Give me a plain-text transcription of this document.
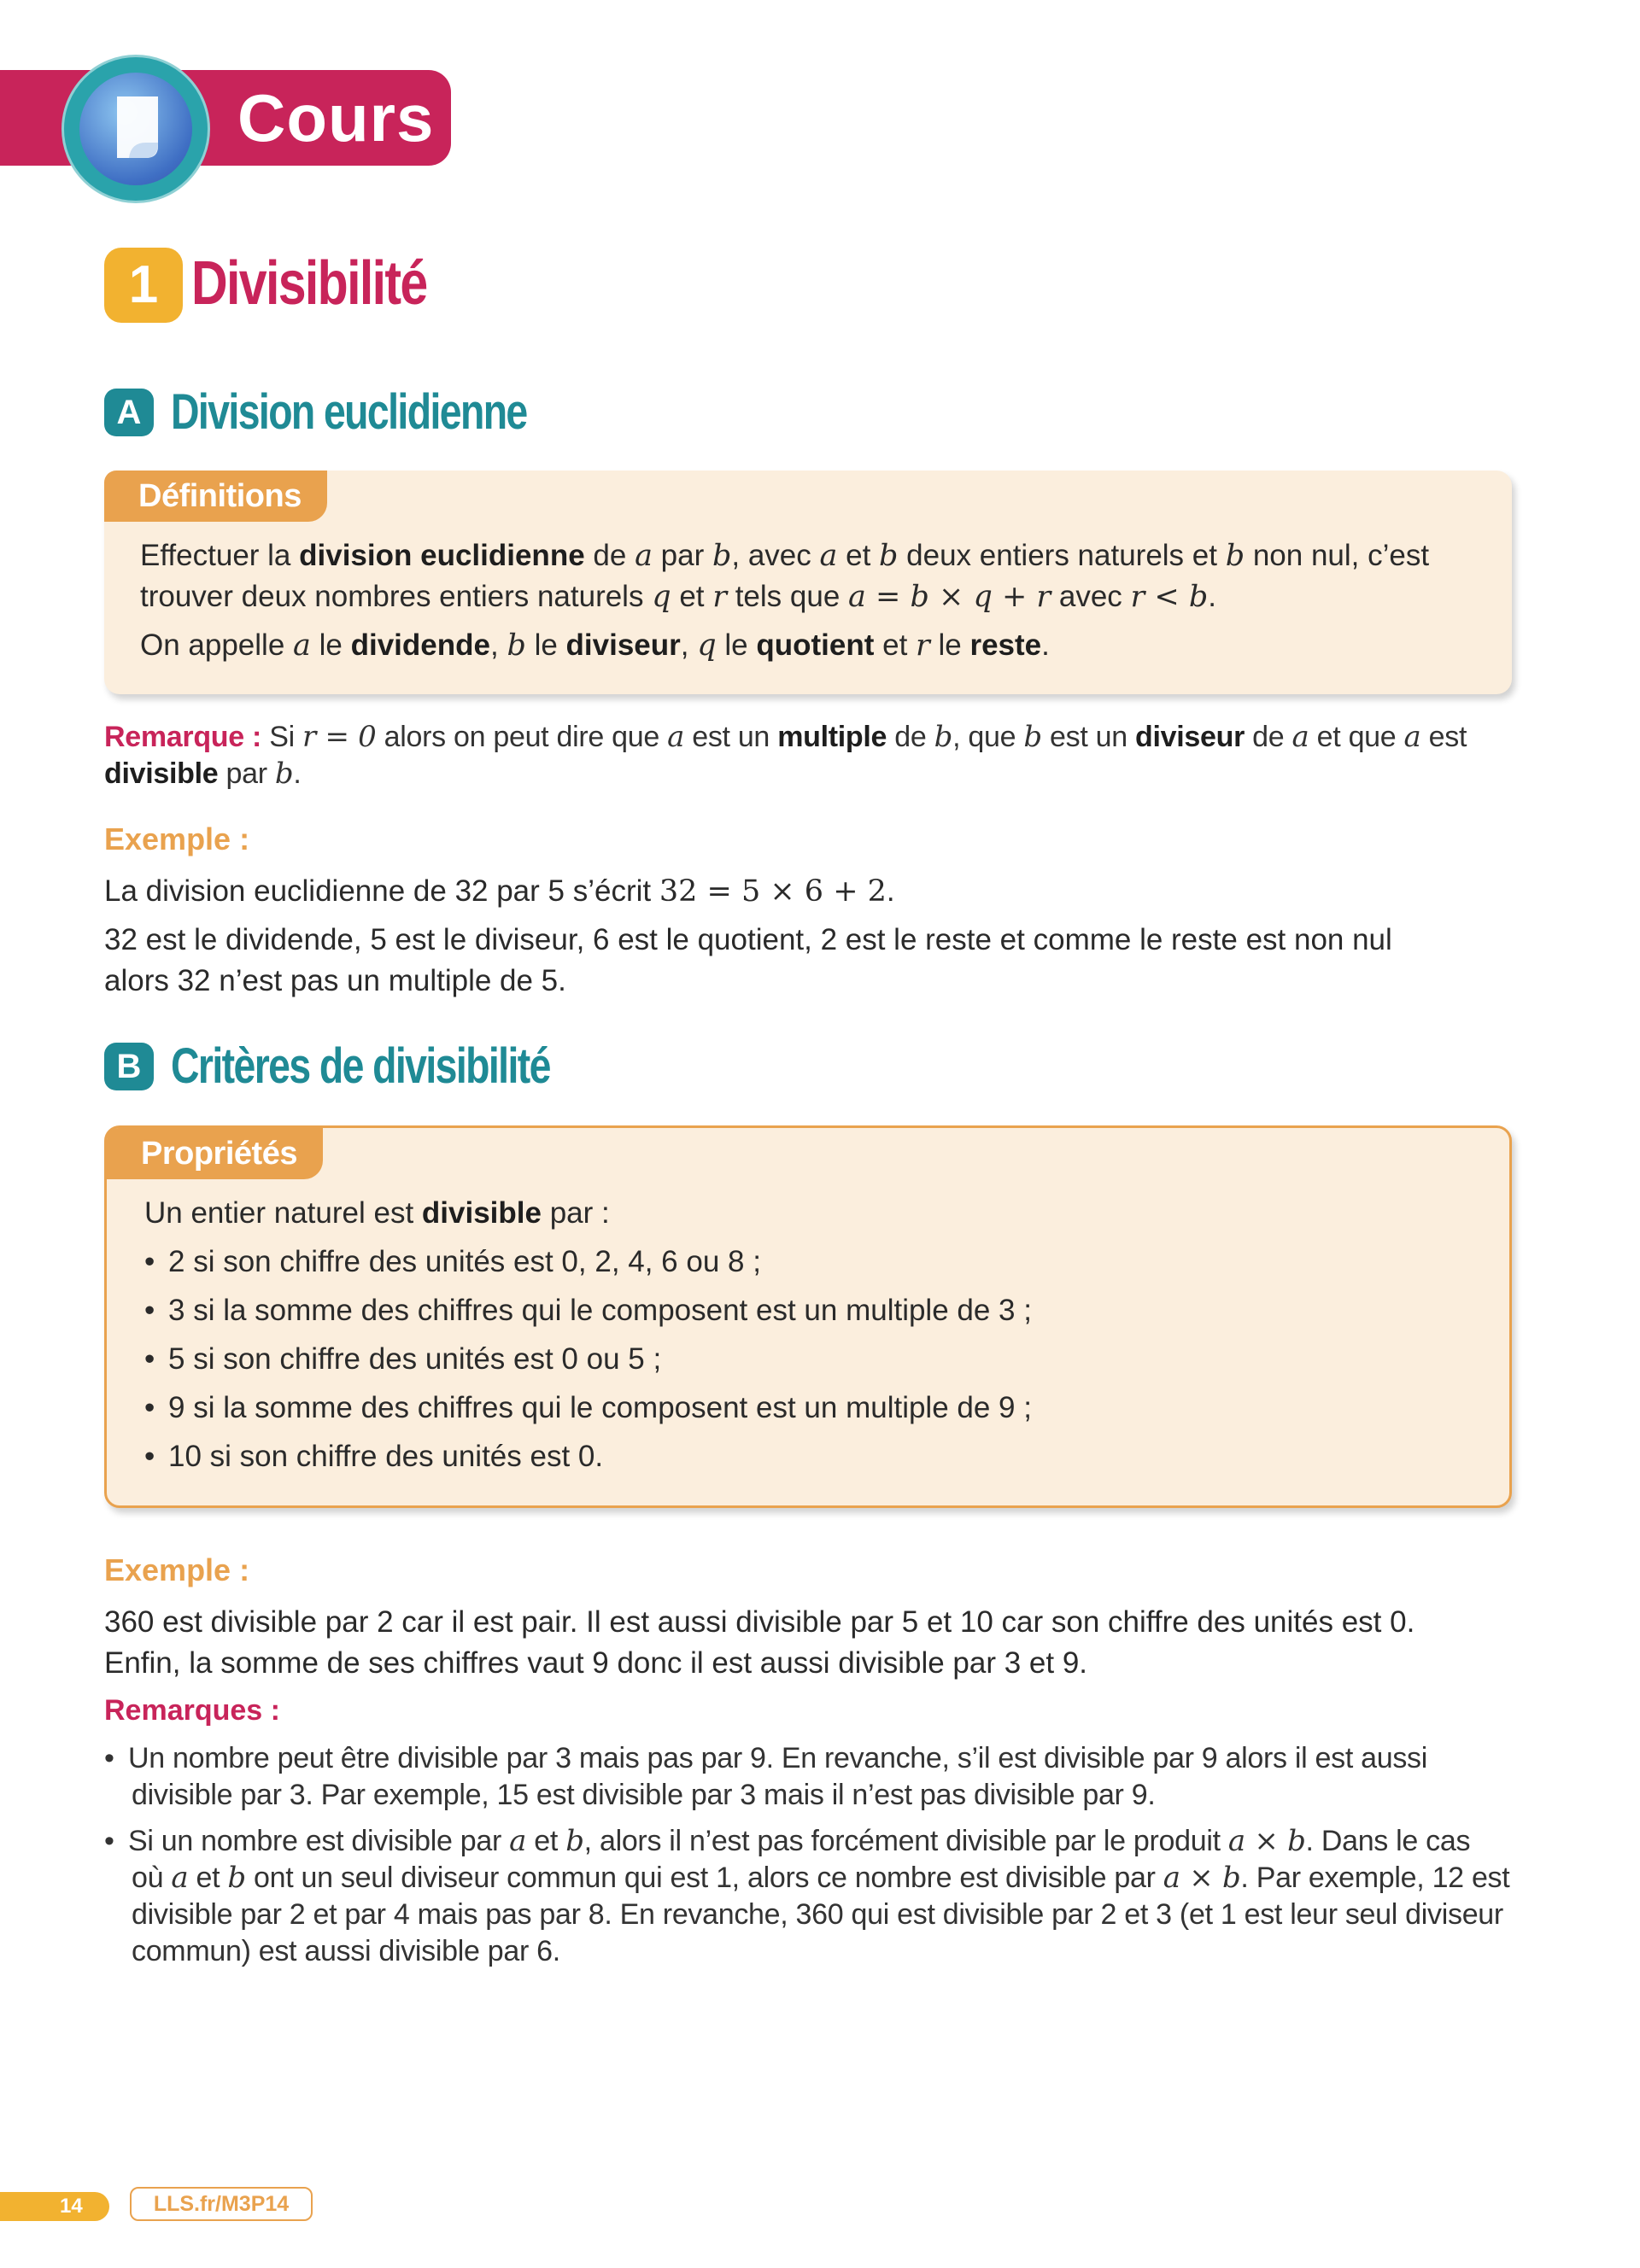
Cours
1 Divisibilité
A Division euclidienne
Définitions
Effectuer la division euclidienne de a par b, avec a et b deux entiers naturels et b non nul, c’est
trouver deux nombres entiers naturels q et r tels que a = b × q + r avec r < b.
On appelle a le dividende, b le diviseur, q le quotient et r le reste.
Remarque : Si r = 0 alors on peut dire que a est un multiple de b, que b est un diviseur de a et que a est
divisible par b.
Exemple :
La division euclidienne de 32 par 5 s’écrit 32 = 5 × 6 + 2.
32 est le dividende, 5 est le diviseur, 6 est le quotient, 2 est le reste et comme le reste est non nul
alors 32 n’est pas un multiple de 5.
B Critères de divisibilité
Propriétés
Un entier naturel est divisible par :
• 2 si son chiffre des unités est 0, 2, 4, 6 ou 8 ;
• 3 si la somme des chiffres qui le composent est un multiple de 3 ;
• 5 si son chiffre des unités est 0 ou 5 ;
• 9 si la somme des chiffres qui le composent est un multiple de 9 ;
• 10 si son chiffre des unités est 0.
Exemple :
360 est divisible par 2 car il est pair. Il est aussi divisible par 5 et 10 car son chiffre des unités est 0.
Enfin, la somme de ses chiffres vaut 9 donc il est aussi divisible par 3 et 9.
Remarques :
• Un nombre peut être divisible par 3 mais pas par 9. En revanche, s’il est divisible par 9 alors il est aussi
divisible par 3. Par exemple, 15 est divisible par 3 mais il n’est pas divisible par 9.
• Si un nombre est divisible par a et b, alors il n’est pas forcément divisible par le produit a × b. Dans le cas
où a et b ont un seul diviseur commun qui est 1, alors ce nombre est divisible par a × b. Par exemple, 12 est
divisible par 2 et par 4 mais pas par 8. En revanche, 360 qui est divisible par 2 et 3 (et 1 est leur seul diviseur
commun) est aussi divisible par 6.
14	LLS.fr/M3P14
